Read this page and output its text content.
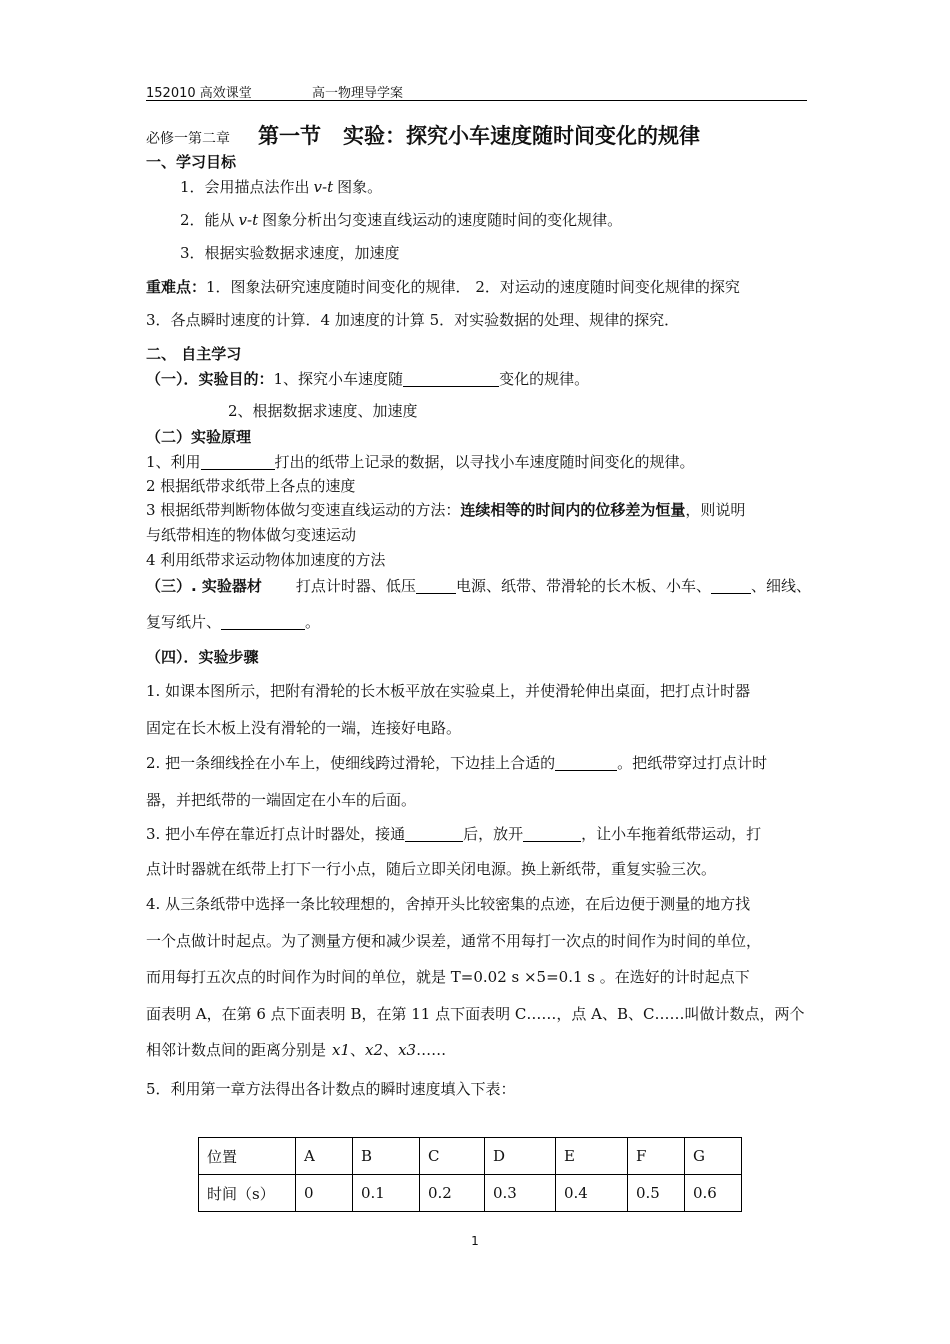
152010 高效课堂	高一物理导学案
必修一第二章 第一节 实验：探究小车速度随时间变化的规律
一、学习目标
1．会用描点法作出 v-t 图象。
2．能从 v-t 图象分析出匀变速直线运动的速度随时间的变化规律。
3．根据实验数据求速度，加速度
重难点：1．图象法研究速度随时间变化的规律． 2．对运动的速度随时间变化规律的探究
3．各点瞬时速度的计算．4 加速度的计算 5．对实验数据的处理、规律的探究．
二、 自主学习
（一）．实验目的：1、探究小车速度随	变化的规律。
2、根据数据求速度、加速度
（二）实验原理
1、利用	打出的纸带上记录的数据，以寻找小车速度随时间变化的规律。
2 根据纸带求纸带上各点的速度
3 根据纸带判断物体做匀变速直线运动的方法：连续相等的时间内的位移差为恒量，则说明
与纸带相连的物体做匀变速运动
4 利用纸带求运动物体加速度的方法
（三）. 实验器材 打点计时器、低压	电源、纸带、带滑轮的长木板、小车、	、细线、
复写纸片、	。
（四）．实验步骤
1. 如课本图所示，把附有滑轮的长木板平放在实验桌上，并使滑轮伸出桌面，把打点计时器
固定在长木板上没有滑轮的一端，连接好电路。
2. 把一条细线拴在小车上，使细线跨过滑轮，下边挂上合适的	。把纸带穿过打点计时
器，并把纸带的一端固定在小车的后面。
3. 把小车停在靠近打点计时器处，接通	后，放开	，让小车拖着纸带运动，打
点计时器就在纸带上打下一行小点，随后立即关闭电源。换上新纸带，重复实验三次。
4. 从三条纸带中选择一条比较理想的，舍掉开头比较密集的点迹，在后边便于测量的地方找
一个点做计时起点。为了测量方便和减少误差，通常不用每打一次点的时间作为时间的单位，
而用每打五次点的时间作为时间的单位，就是 T=0.02 s ×5=0.1 s 。在选好的计时起点下
面表明 A，在第 6 点下面表明 B，在第 11 点下面表明 C……，点 A、B、C……叫做计数点，两个
相邻计数点间的距离分别是 x1、x2、x3……
5．利用第一章方法得出各计数点的瞬时速度填入下表：
位置	A	B	C	D	E	F	G
时间（s）	0	0.1	0.2	0.3	0.4	0.5	0.6
1
